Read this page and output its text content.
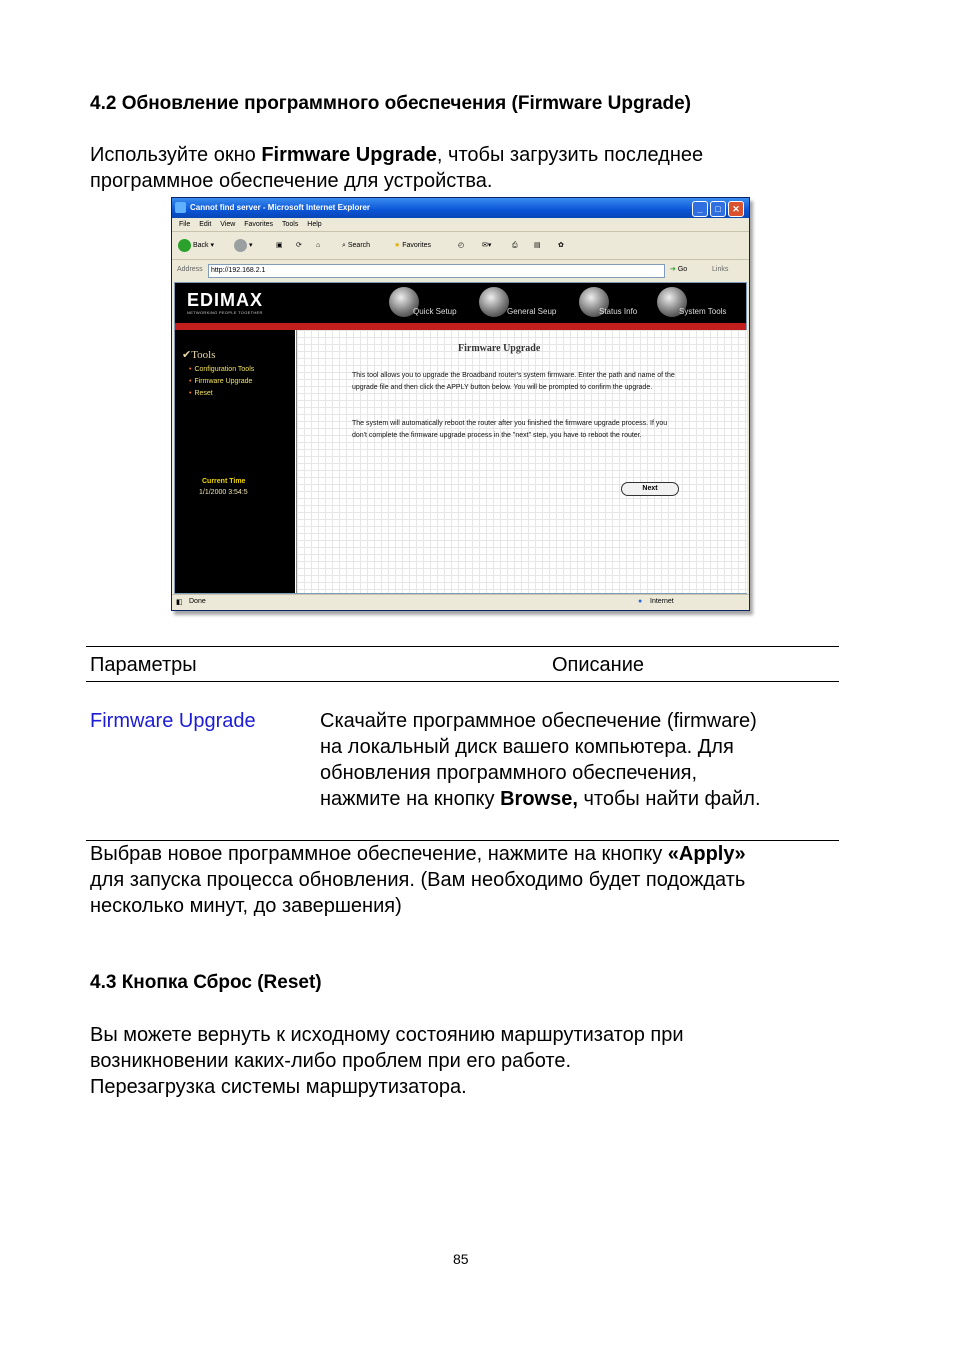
4.2 Обновление программного обеспечения (Firmware Upgrade)
Используйте окно Firmware Upgrade, чтобы загрузить последнее
программное обеспечение для устройства.
Cannot find server - Microsoft Internet Explorer	_	□	✕
File Edit View Favorites Tools Help
Back ▾	▾	▣ ⟳ ⌂	⌕ Search	★ Favorites	◴	✉▾	⎙ ▤ ✿
Address	http://192.168.2.1	➔ Go	Links
EDIMAX
NETWORKING PEOPLE TOGETHER	Quick Setup	General Seup	Status Info	System Tools
✔Tools
• Configuration Tools
• Firmware Upgrade
• Reset
Current Time
1/1/2000 3:54:5
Firmware Upgrade
This tool allows you to upgrade the Broadband router's system firmware. Enter the path and name of the upgrade file and then click the APPLY button below. You will be prompted to confirm the upgrade.
The system will automatically reboot the router after you finished the firmware upgrade process. If you don't complete the firmware upgrade process in the "next" step, you have to reboot the router.
Next
◧ Done	● Internet
Параметры	Описание
Firmware Upgrade	Скачайте программное обеспечение (firmware)
на локальный диск вашего компьютера. Для
обновления программного обеспечения,
нажмите на кнопку Browse, чтобы найти файл.
Выбрав новое программное обеспечение, нажмите на кнопку «Apply»
для запуска процесса обновления. (Вам необходимо будет подождать
несколько минут, до завершения)
4.3 Кнопка Сброс (Reset)
Вы можете вернуть к исходному состоянию маршрутизатор при
возникновении каких-либо проблем при его работе.
Перезагрузка системы маршрутизатора.
85
